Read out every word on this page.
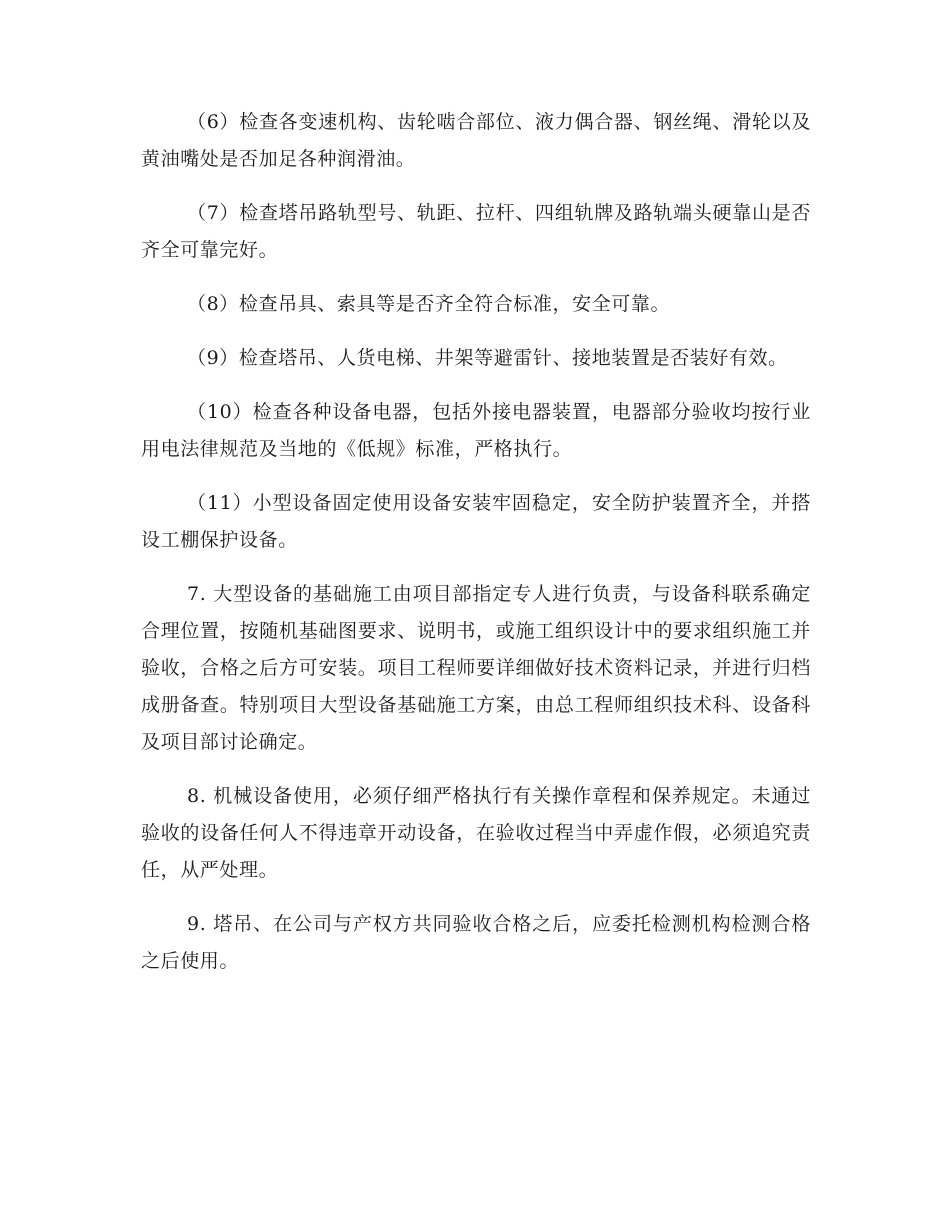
（6）检查各变速机构、齿轮啮合部位、液力偶合器、钢丝绳、滑轮以及黄油嘴处是否加足各种润滑油。

（7）检查塔吊路轨型号、轨距、拉杆、四组轨牌及路轨端头硬靠山是否齐全可靠完好。

（8）检查吊具、索具等是否齐全符合标准，安全可靠。

（9）检查塔吊、人货电梯、井架等避雷针、接地装置是否装好有效。

（10）检查各种设备电器，包括外接电器装置，电器部分验收均按行业用电法律规范及当地的《低规》标准，严格执行。

（11）小型设备固定使用设备安装牢固稳定，安全防护装置齐全，并搭设工棚保护设备。

7. 大型设备的基础施工由项目部指定专人进行负责，与设备科联系确定合理位置，按随机基础图要求、说明书，或施工组织设计中的要求组织施工并验收，合格之后方可安装。项目工程师要详细做好技术资料记录，并进行归档成册备查。特别项目大型设备基础施工方案，由总工程师组织技术科、设备科及项目部讨论确定。

8. 机械设备使用，必须仔细严格执行有关操作章程和保养规定。未通过验收的设备任何人不得违章开动设备，在验收过程当中弄虚作假，必须追究责任，从严处理。

9. 塔吊、在公司与产权方共同验收合格之后，应委托检测机构检测合格之后使用。
